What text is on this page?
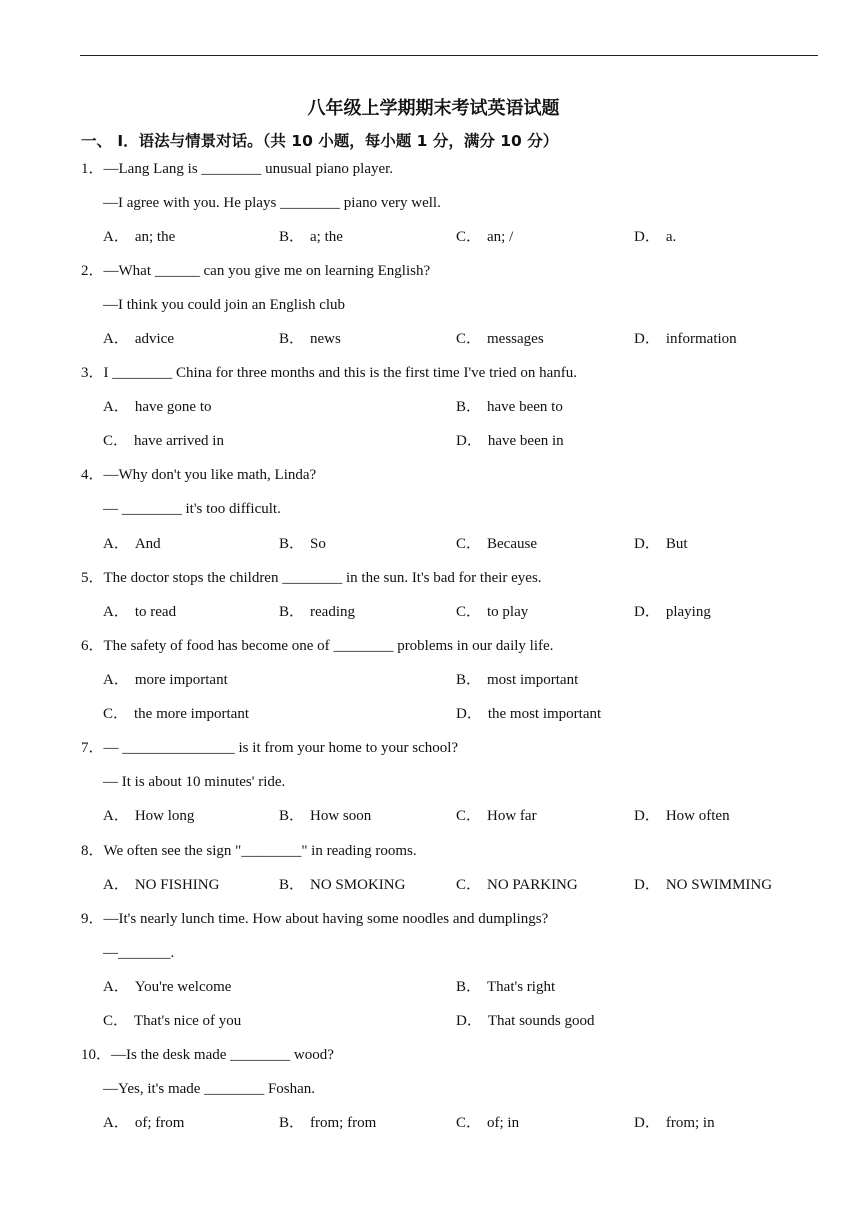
八年级上学期期末考试英语试题
一、 Ⅰ．语法与情景对话。（共 10 小题，每小题 1 分，满分 10 分）
1．—Lang Lang is ________ unusual piano player.
—I agree with you. He plays ________ piano very well.
A． an; the	B． a; the	C． an; /	D． a.
2．—What ______ can you give me on learning English?
—I think you could join an English club
A． advice	B． news	C． messages	D． information
3．I ________ China for three months and this is the first time I've tried on hanfu.
A． have gone to	B． have been to
C． have arrived in	D． have been in
4．—Why don't you like math, Linda?
— ________ it's too difficult.
A． And	B． So	C． Because	D． But
5．The doctor stops the children ________ in the sun. It's bad for their eyes.
A． to read	B． reading	C． to play	D． playing
6．The safety of food has become one of ________ problems in our daily life.
A． more important	B． most important
C． the more important	D． the most important
7．— _______________ is it from your home to your school?
— It is about 10 minutes' ride.
A． How long	B． How soon	C． How far	D． How often
8．We often see the sign "________" in reading rooms.
A． NO FISHING	B． NO SMOKING	C． NO PARKING	D． NO SWIMMING
9．—It's nearly lunch time. How about having some noodles and dumplings?
—_______.
A． You're welcome	B． That's right
C． That's nice of you	D． That sounds good
10．—Is the desk made ________ wood?
—Yes, it's made ________ Foshan.
A． of; from	B． from; from	C． of; in	D． from; in
